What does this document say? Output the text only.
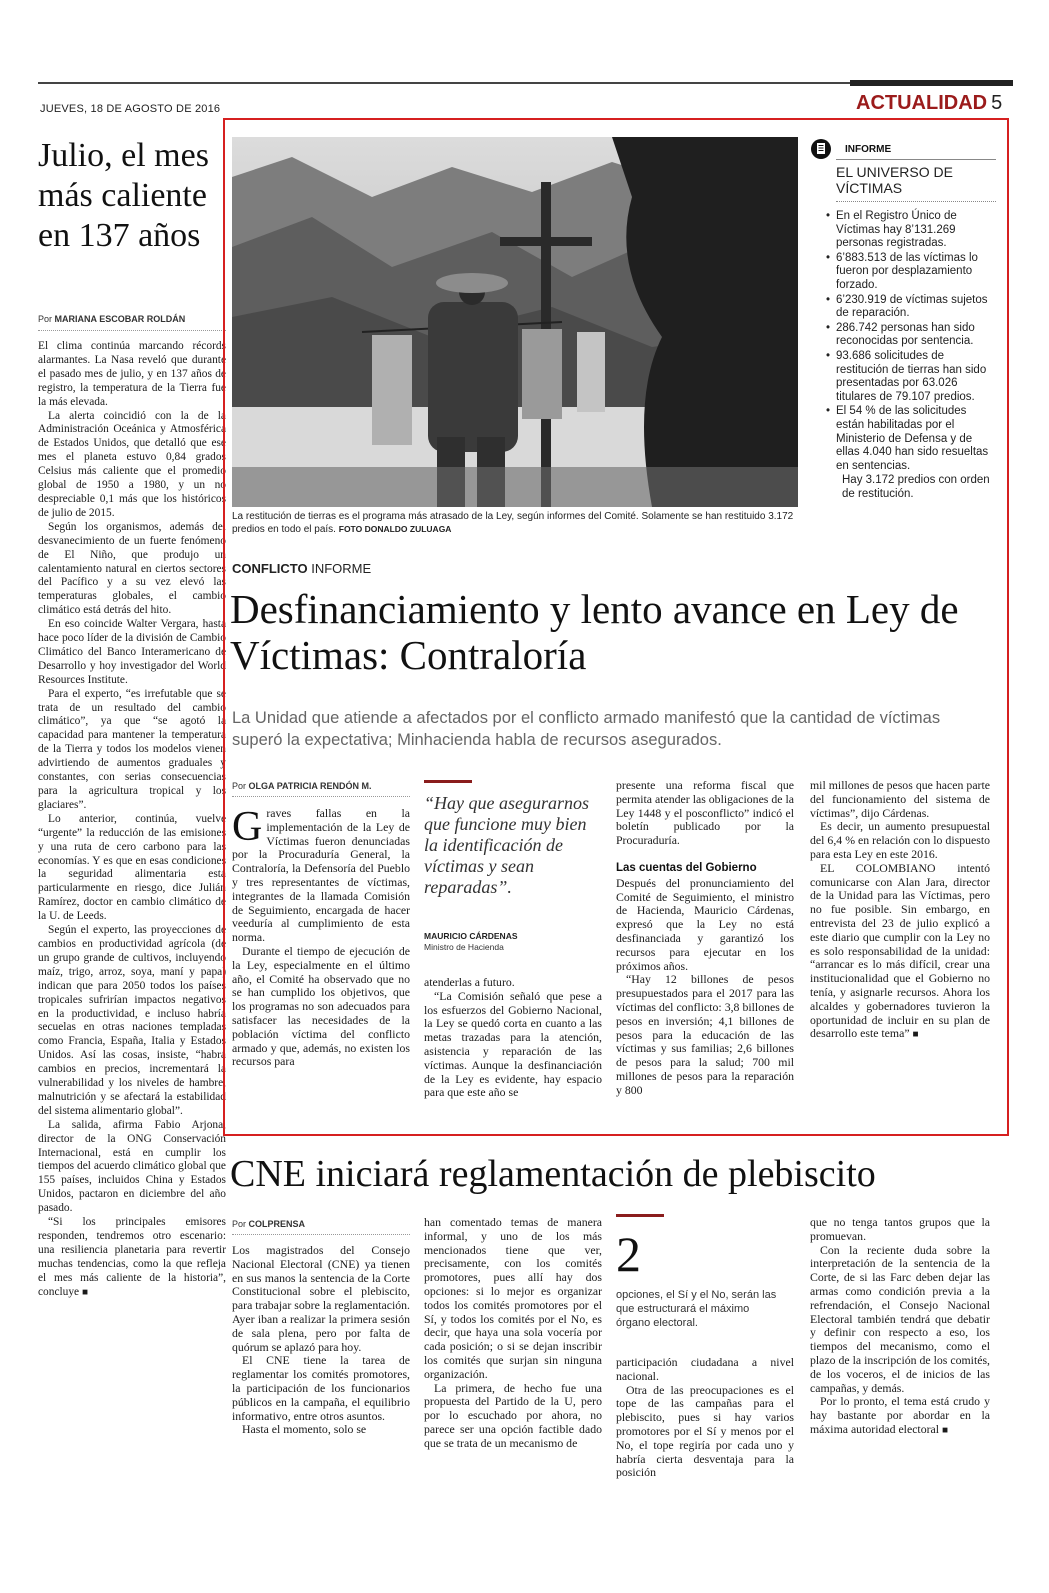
JUEVES, 18 DE AGOSTO DE 2016	ACTUALIDAD 5
Julio, el mes más caliente en 137 años
Por MARIANA ESCOBAR ROLDÁN

El clima continúa marcando récords alarmantes. La Nasa reveló que durante el pasado mes de julio, y en 137 años de registro, la temperatura de la Tierra fue la más elevada.

La alerta coincidió con la de la Administración Oceánica y Atmosférica de Estados Unidos, que detalló que ese mes el planeta estuvo 0,84 grados Celsius más caliente que el promedio global de 1950 a 1980, y un no despreciable 0,1 más que los históricos de julio de 2015.

Según los organismos, además del desvanecimiento de un fuerte fenómeno de El Niño, que produjo un calentamiento natural en ciertos sectores del Pacífico y a su vez elevó las temperaturas globales, el cambio climático está detrás del hito.

En eso coincide Walter Vergara, hasta hace poco líder de la división de Cambio Climático del Banco Interamericano de Desarrollo y hoy investigador del World Resources Institute.

Para el experto, “es irrefutable que se trata de un resultado del cambio climático”, ya que “se agotó la capacidad para mantener la temperatura de la Tierra y todos los modelos vienen advirtiendo de aumentos graduales y constantes, con serias consecuencias para la agricultura tropical y los glaciares”.

Lo anterior, continúa, vuelve “urgente” la reducción de las emisiones y una ruta de cero carbono para las economías. Y es que en esas condiciones la seguridad alimentaria está particularmente en riesgo, dice Julián Ramírez, doctor en cambio climático de la U. de Leeds.

Según el experto, las proyecciones de cambios en productividad agrícola (de un grupo grande de cultivos, incluyendo maíz, trigo, arroz, soya, maní y papa) indican que para 2050 todos los países tropicales sufrirían impactos negativos en la productividad, e incluso habría secuelas en otras naciones templadas como Francia, España, Italia y Estados Unidos. Así las cosas, insiste, “habrá cambios en precios, incrementará la vulnerabilidad y los niveles de hambre, malnutrición y se afectará la estabilidad del sistema alimentario global”.

La salida, afirma Fabio Arjona, director de la ONG Conservación Internacional, está en cumplir los tiempos del acuerdo climático global que 155 países, incluidos China y Estados Unidos, pactaron en diciembre del año pasado.

“Si los principales emisores responden, tendremos otro escenario: una resiliencia planetaria para revertir muchas tendencias, como la que refleja el mes más caliente de la historia”, concluye ■

La restitución de tierras es el programa más atrasado de la Ley, según informes del Comité. Solamente se han restituido 3.172 predios en todo el país. FOTO DONALDO ZULUAGA
INFORME
EL UNIVERSO DE VÍCTIMAS
• En el Registro Único de Víctimas hay 8’131.269 personas registradas.
• 6’883.513 de las víctimas lo fueron por desplazamiento forzado.
• 6’230.919 de víctimas sujetos de reparación.
• 286.742 personas han sido reconocidas por sentencia.
• 93.686 solicitudes de restitución de tierras han sido presentadas por 63.026 titulares de 79.107 predios.
• El 54 % de las solicitudes están habilitadas por el Ministerio de Defensa y de ellas 4.040 han sido resueltas en sentencias.
Hay 3.172 predios con orden de restitución.
CONFLICTO INFORME
Desfinanciamiento y lento avance en Ley de Víctimas: Contraloría
La Unidad que atiende a afectados por el conflicto armado manifestó que la cantidad de víctimas superó la expectativa; Minhacienda habla de recursos asegurados.
Por OLGA PATRICIA RENDÓN M.

Graves fallas en la implementación de la Ley de Víctimas fueron denunciadas por la Procuraduría General, la Contraloría, la Defensoría del Pueblo y tres representantes de víctimas, integrantes de la llamada Comisión de Seguimiento, encargada de hacer veeduría al cumplimiento de esta norma.

Durante el tiempo de ejecución de la Ley, especialmente en el último año, el Comité ha observado que no se han cumplido los objetivos, que los programas no son adecuados para satisfacer las necesidades de la población víctima del conflicto armado y que, además, no existen los recursos para

“Hay que asegurarnos que funcione muy bien la identificación de víctimas y sean reparadas”.
MAURICIO CÁRDENAS
Ministro de Hacienda

atenderlas a futuro.

“La Comisión señaló que pese a los esfuerzos del Gobierno Nacional, la Ley se quedó corta en cuanto a las metas trazadas para la atención, asistencia y reparación de las víctimas. Aunque la desfinanciación de la Ley es evidente, hay espacio para que este año se

presente una reforma fiscal que permita atender las obligaciones de la Ley 1448 y el posconflicto” indicó el boletín publicado por la Procuraduría.

Las cuentas del Gobierno

Después del pronunciamiento del Comité de Seguimiento, el ministro de Hacienda, Mauricio Cárdenas, expresó que la Ley no está desfinanciada y garantizó los recursos para ejecutar en los próximos años.

“Hay 12 billones de pesos presupuestados para el 2017 para las víctimas del conflicto: 3,8 billones de pesos en inversión; 4,1 billones de pesos para la educación de las víctimas y sus familias; 2,6 billones de pesos para la salud; 700 mil millones de pesos para la reparación y 800

mil millones de pesos que hacen parte del funcionamiento del sistema de víctimas”, dijo Cárdenas.

Es decir, un aumento presupuestal del 6,4 % en relación con lo dispuesto para esta Ley en este 2016.

EL COLOMBIANO intentó comunicarse con Alan Jara, director de la Unidad para las Víctimas, pero no fue posible. Sin embargo, en entrevista del 23 de julio explicó a este diario que cumplir con la Ley no es solo responsabilidad de la unidad: “arrancar es lo más difícil, crear una institucionalidad que el Gobierno no tenía, y asignarle recursos. Ahora los alcaldes y gobernadores tuvieron la oportunidad de incluir en su plan de desarrollo este tema” ■

CNE iniciará reglamentación de plebiscito
Por COLPRENSA

Los magistrados del Consejo Nacional Electoral (CNE) ya tienen en sus manos la sentencia de la Corte Constitucional sobre el plebiscito, para trabajar sobre la reglamentación. Ayer iban a realizar la primera sesión de sala plena, pero por falta de quórum se aplazó para hoy.

El CNE tiene la tarea de reglamentar los comités promotores, la participación de los funcionarios públicos en la campaña, el equilibrio informativo, entre otros asuntos.

Hasta el momento, solo se

han comentado temas de manera informal, y uno de los más mencionados tiene que ver, precisamente, con los comités promotores, pues allí hay dos opciones: si lo mejor es organizar todos los comités promotores por el Sí, y todos los comités por el No, es decir, que haya una sola vocería por cada posición; o si se dejan inscribir los comités que surjan sin ninguna organización.

La primera, de hecho fue una propuesta del Partido de la U, pero por lo escuchado por ahora, no parece ser una opción factible dado que se trata de un mecanismo de

2
opciones, el Sí y el No, serán las que estructurará el máximo órgano electoral.

participación ciudadana a nivel nacional.

Otra de las preocupaciones es el tope de las campañas para el plebiscito, pues si hay varios promotores por el Sí y menos por el No, el tope regiría por cada uno y habría cierta desventaja para la posición

que no tenga tantos grupos que la promuevan.

Con la reciente duda sobre la interpretación de la sentencia de la Corte, de si las Farc deben dejar las armas como condición previa a la refrendación, el Consejo Nacional Electoral también tendrá que debatir y definir con respecto a eso, los tiempos del mecanismo, como el plazo de la inscripción de los comités, de los voceros, el de inicios de las campañas, y demás.

Por lo pronto, el tema está crudo y hay bastante por abordar en la máxima autoridad electoral ■
